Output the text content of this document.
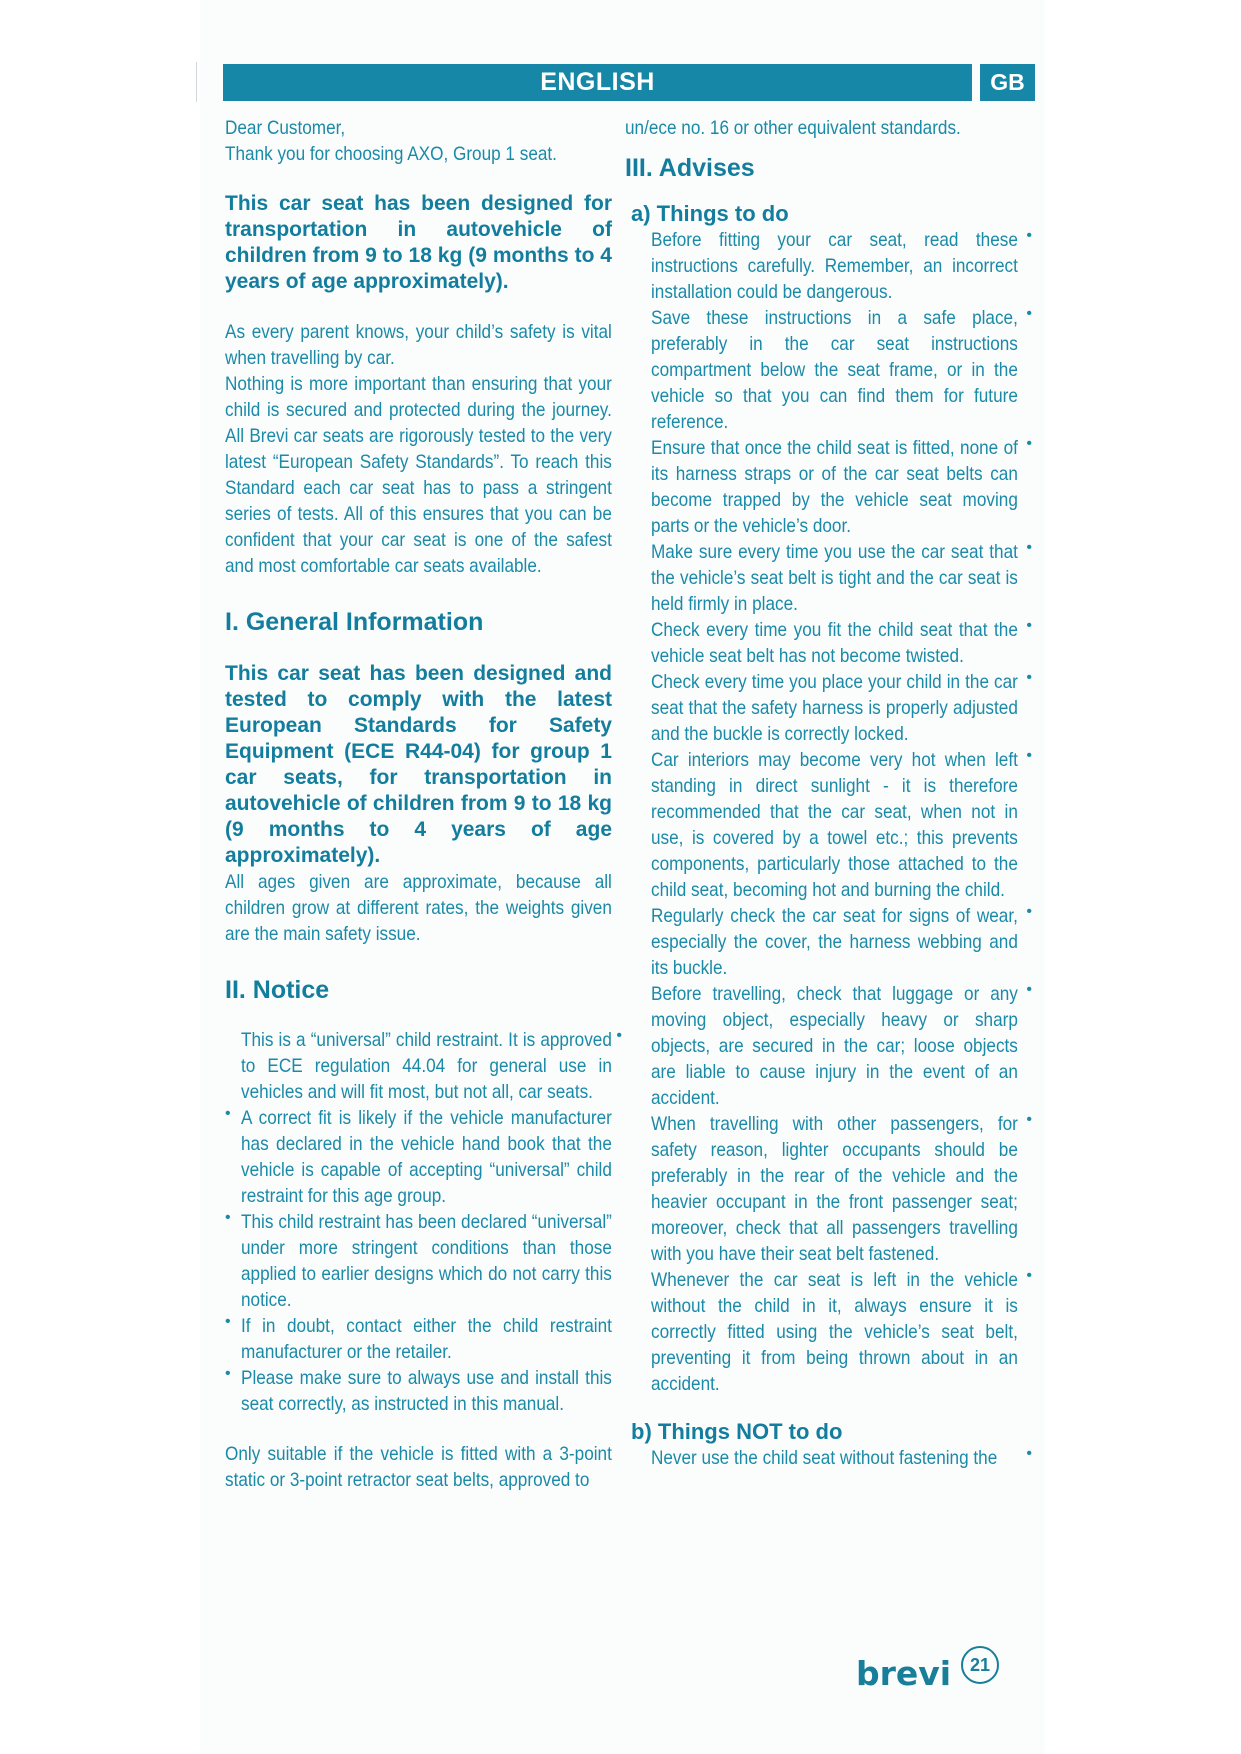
ENGLISH	GB

Dear Customer,

Thank you for choosing AXO, Group 1 seat.

This car seat has been designed for transportation in autovehicle of children from 9 to 18 kg (9 months to 4 years of age approximately).

As every parent knows, your child’s safety is vital when travelling by car.

Nothing is more important than ensuring that your child is secured and protected during the journey. All Brevi car seats are rigorously tested to the very latest “European Safety Standards”. To reach this Standard each car seat has to pass a stringent series of tests. All of this ensures that you can be confident that your car seat is one of the safest and most comfortable car seats available.

I. General Information

This car seat has been designed and tested to comply with the latest European Standards for Safety Equipment (ECE R44-04) for group 1 car seats, for transportation in autovehicle of children from 9 to 18 kg (9 months to 4 years of age approximately).

All ages given are approximate, because all children grow at different rates, the weights given are the main safety issue.

II. Notice
•

This is a “universal” child restraint. It is approved to ECE regulation 44.04 for general use in vehicles and will fit most, but not all, car seats.

• A correct fit is likely if the vehicle manufacturer has declared in the vehicle hand book that the vehicle is capable of accepting “universal” child restraint for this age group.

• This child restraint has been declared “universal” under more stringent conditions than those applied to earlier designs which do not carry this notice.

• If in doubt, contact either the child restraint manufacturer or the retailer.

• Please make sure to always use and install this seat correctly, as instructed in this manual.

Only suitable if the vehicle is fitted with a 3-point static or 3-point retractor seat belts, approved to

un/ece no. 16 or other equivalent standards.

III. Advises
a) Things to do
•

Before fitting your car seat, read these instructions carefully. Remember, an incorrect installation could be dangerous.

•

Save these instructions in a safe place, preferably in the car seat instructions compartment below the seat frame, or in the vehicle so that you can find them for future reference.

•

Ensure that once the child seat is fitted, none of its harness straps or of the car seat belts can become trapped by the vehicle seat moving parts or the vehicle’s door.

•

Make sure every time you use the car seat that the vehicle’s seat belt is tight and the car seat is held firmly in place.

•

Check every time you fit the child seat that the vehicle seat belt has not become twisted.

•

Check every time you place your child in the car seat that the safety harness is properly adjusted and the buckle is correctly locked.

•

Car interiors may become very hot when left standing in direct sunlight - it is therefore recommended that the car seat, when not in use, is covered by a towel etc.; this prevents components, particularly those attached to the child seat, becoming hot and burning the child.

•

Regularly check the car seat for signs of wear, especially the cover, the harness webbing and its buckle.

•

Before travelling, check that luggage or any moving object, especially heavy or sharp objects, are secured in the car; loose objects are liable to cause injury in the event of an accident.

•

When travelling with other passengers, for safety reason, lighter occupants should be preferably in the rear of the vehicle and the heavier occupant in the front passenger seat; moreover, check that all passengers travelling with you have their seat belt fastened.

•

Whenever the car seat is left in the vehicle without the child in it, always ensure it is correctly fitted using the vehicle’s seat belt, preventing it from being thrown about in an accident.

b) Things NOT to do
•

Never use the child seat without fastening the

brevi	21
